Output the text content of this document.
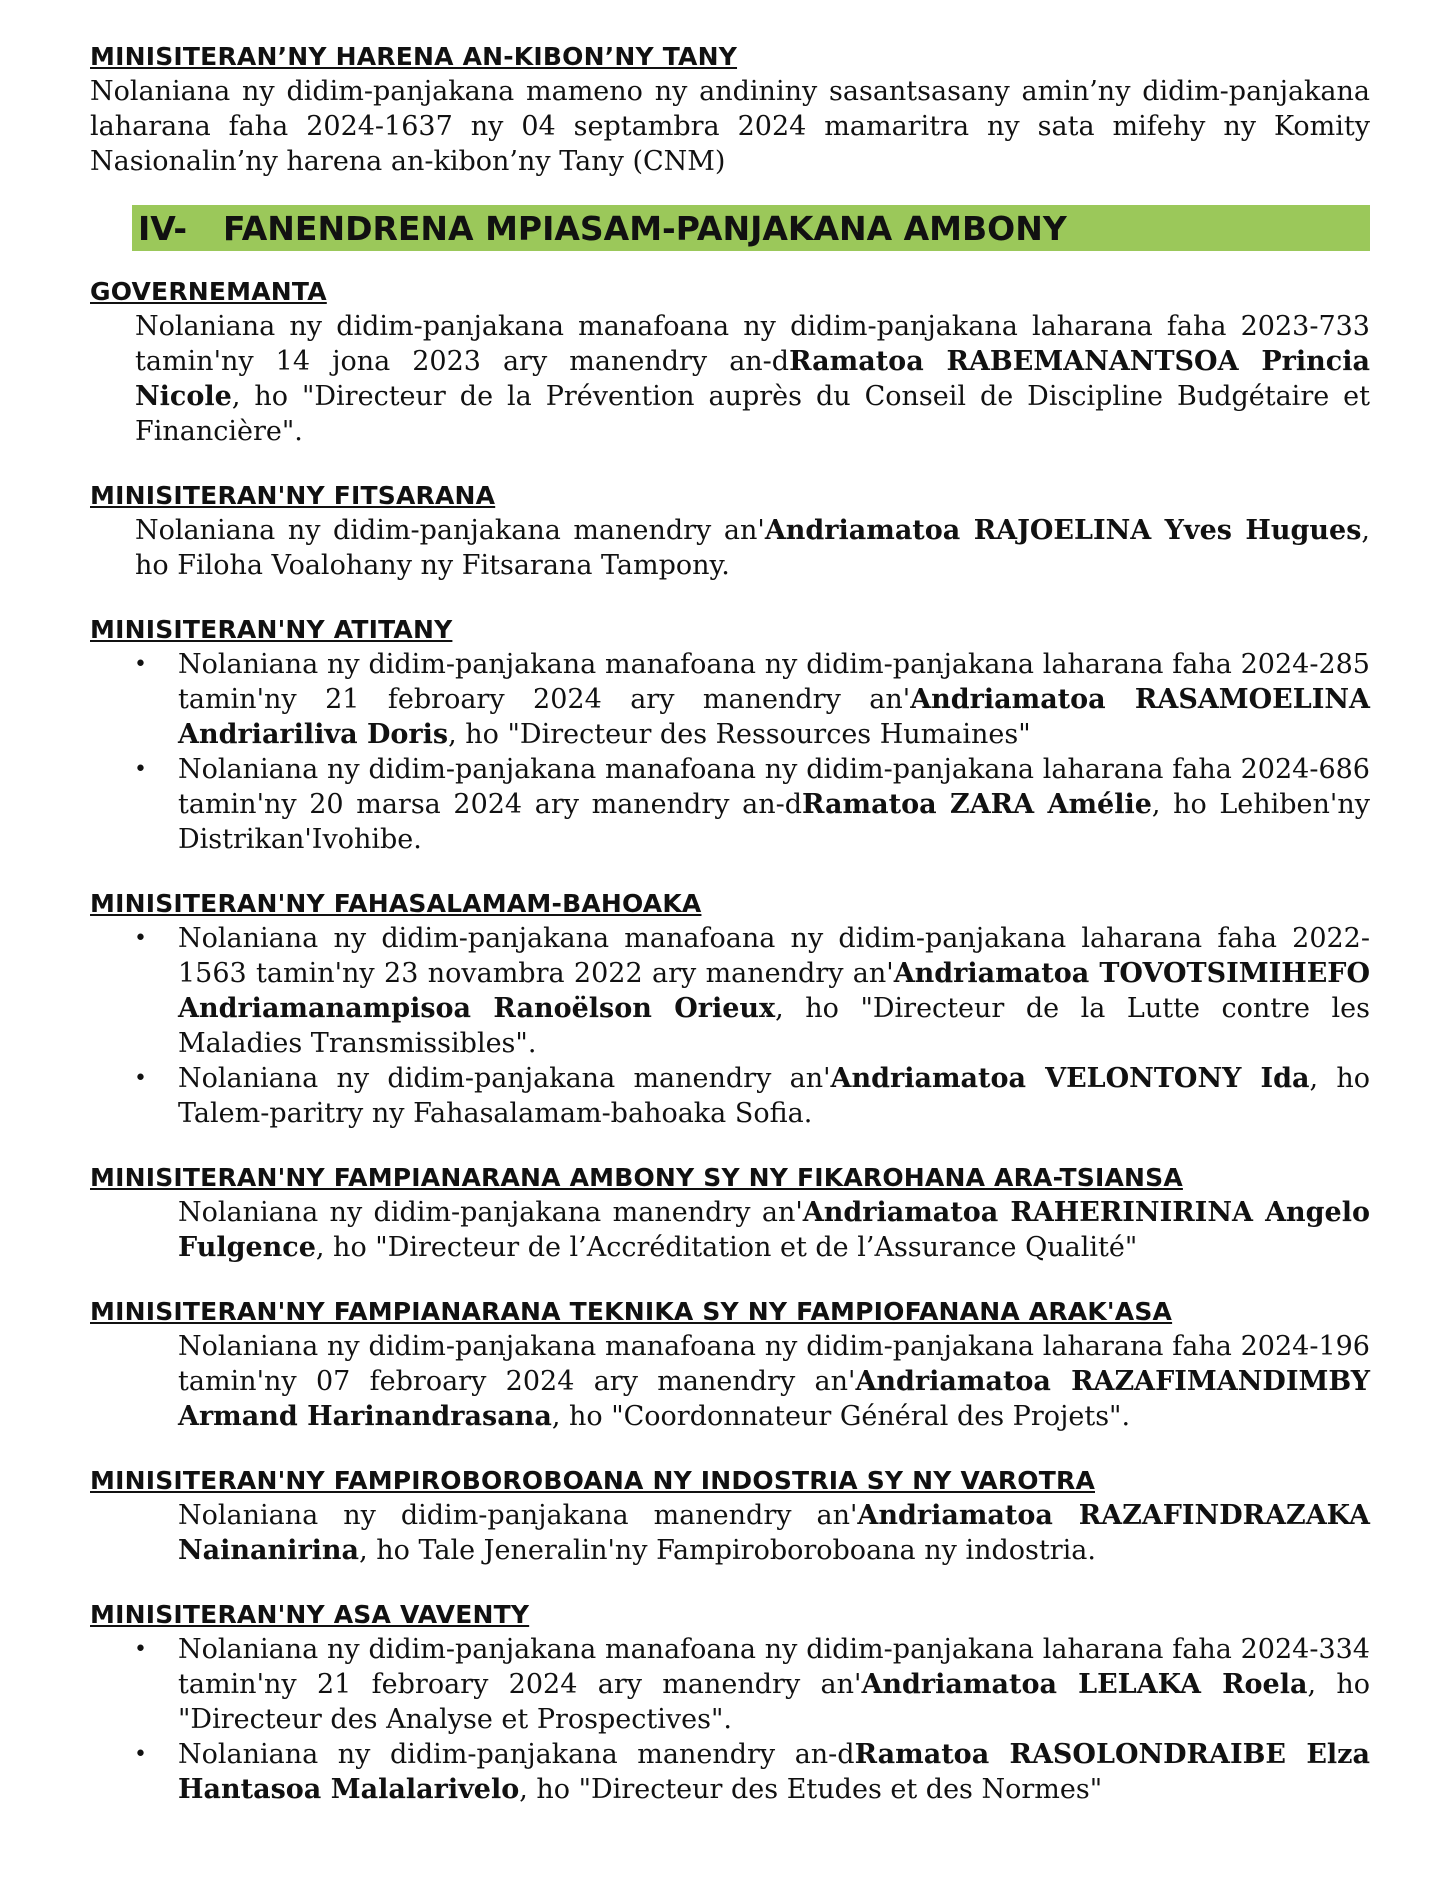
MINISITERAN’NY HARENA AN-KIBON’NY TANY

Nolaniana ny didim-panjakana mameno ny andininy sasantsasany amin’ny didim-panjakana laharana faha 2024-1637 ny 04 septambra 2024 mamaritra ny sata mifehy ny Komity Nasionalin’ny harena an-kibon’ny Tany (CNM)

IV-	FANENDRENA MPIASAM-PANJAKANA AMBONY
GOVERNEMANTA

Nolaniana ny didim-panjakana manafoana ny didim-panjakana laharana faha 2023-733 tamin'ny 14 jona 2023 ary manendry an-dRamatoa RABEMANANTSOA Princia Nicole, ho "Directeur de la Prévention auprès du Conseil de Discipline Budgétaire et Financière".

MINISITERAN'NY FITSARANA

Nolaniana ny didim-panjakana manendry an'Andriamatoa RAJOELINA Yves Hugues, ho Filoha Voalohany ny Fitsarana Tampony.

MINISITERAN'NY ATITANY
• Nolaniana ny didim-panjakana manafoana ny didim-panjakana laharana faha 2024-285 tamin'ny 21 febroary 2024 ary manendry an'Andriamatoa RASAMOELINA Andriariliva Doris, ho "Directeur des Ressources Humaines"
• Nolaniana ny didim-panjakana manafoana ny didim-panjakana laharana faha 2024-686 tamin'ny 20 marsa 2024 ary manendry an-dRamatoa ZARA Amélie, ho Lehiben'ny Distrikan'Ivohibe.
MINISITERAN'NY FAHASALAMAM-BAHOAKA
• Nolaniana ny didim-panjakana manafoana ny didim-panjakana laharana faha 2022-1563 tamin'ny 23 novambra 2022 ary manendry an'Andriamatoa TOVOTSIMIHEFO Andriamanampisoa Ranoëlson Orieux, ho "Directeur de la Lutte contre les Maladies Transmissibles".
• Nolaniana ny didim-panjakana manendry an'Andriamatoa VELONTONY Ida, ho Talem-paritry ny Fahasalamam-bahoaka Sofia.
MINISITERAN'NY FAMPIANARANA AMBONY SY NY FIKAROHANA ARA-TSIANSA

Nolaniana ny didim-panjakana manendry an'Andriamatoa RAHERINIRINA Angelo Fulgence, ho "Directeur de l’Accréditation et de l’Assurance Qualité"

MINISITERAN'NY FAMPIANARANA TEKNIKA SY NY FAMPIOFANANA ARAK'ASA

Nolaniana ny didim-panjakana manafoana ny didim-panjakana laharana faha 2024-196 tamin'ny 07 febroary 2024 ary manendry an'Andriamatoa RAZAFIMANDIMBY Armand Harinandrasana, ho "Coordonnateur Général des Projets".

MINISITERAN'NY FAMPIROBOROBOANA NY INDOSTRIA SY NY VAROTRA

Nolaniana ny didim-panjakana manendry an'Andriamatoa RAZAFINDRAZAKA Nainanirina, ho Tale Jeneralin'ny Fampiroboroboana ny indostria.

MINISITERAN'NY ASA VAVENTY
• Nolaniana ny didim-panjakana manafoana ny didim-panjakana laharana faha 2024-334 tamin'ny 21 febroary 2024 ary manendry an'Andriamatoa LELAKA Roela, ho "Directeur des Analyse et Prospectives".
• Nolaniana ny didim-panjakana manendry an-dRamatoa RASOLONDRAIBE Elza Hantasoa Malalarivelo, ho "Directeur des Etudes et des Normes"
